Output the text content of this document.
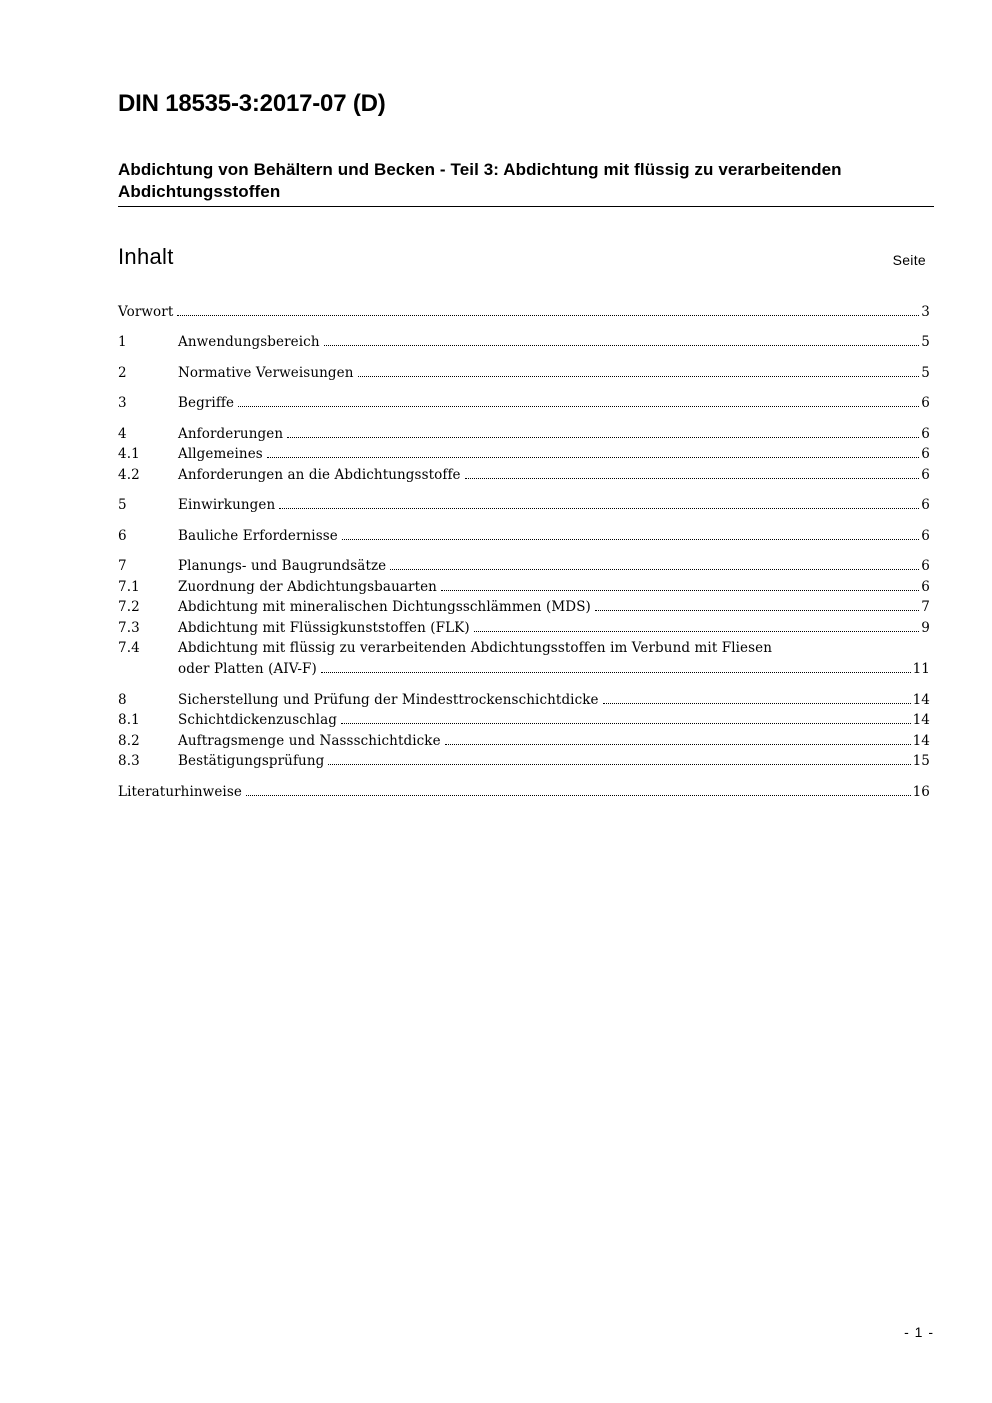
DIN 18535-3:2017-07 (D)
Abdichtung von Behältern und Becken - Teil 3: Abdichtung mit flüssig zu verarbeitenden Abdichtungsstoffen
Inhalt	Seite
Vorwort	3
1	Anwendungsbereich	5
2	Normative Verweisungen	5
3	Begriffe	6
4	Anforderungen	6
4.1	Allgemeines	6
4.2	Anforderungen an die Abdichtungsstoffe	6
5	Einwirkungen	6
6	Bauliche Erfordernisse	6
7	Planungs- und Baugrundsätze	6
7.1	Zuordnung der Abdichtungsbauarten	6
7.2	Abdichtung mit mineralischen Dichtungsschlämmen (MDS)	7
7.3	Abdichtung mit Flüssigkunststoffen (FLK)	9
7.4	Abdichtung mit flüssig zu verarbeitenden Abdichtungsstoffen im Verbund mit Fliesen
oder Platten (AIV-F)	11
8	Sicherstellung und Prüfung der Mindesttrockenschichtdicke	14
8.1	Schichtdickenzuschlag	14
8.2	Auftragsmenge und Nassschichtdicke	14
8.3	Bestätigungsprüfung	15
Literaturhinweise	16
- 1 -
